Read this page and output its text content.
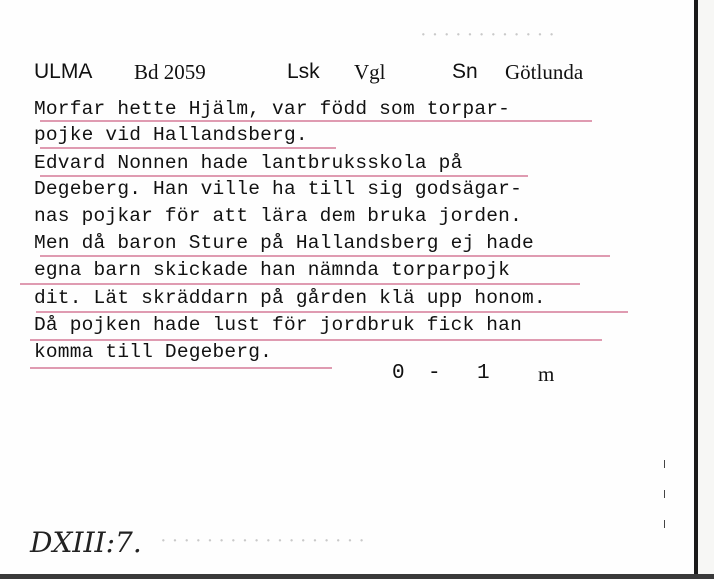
· · · · · · · · · · · ·
· · · · · · · · · · · · · · · · · ·
ULMA Bd 2059	Lsk Vgl	Sn Götlunda
Morfar hette Hjälm, var född som torpar-
pojke vid Hallandsberg.
Edvard Nonnen hade lantbruksskola på
Degeberg. Han ville ha till sig godsägar-
nas pojkar för att lära dem bruka jorden.
Men då baron Sture på Hallandsberg ej hade
egna barn skickade han nämnda torparpojk
dit. Lät skräddarn på gården klä upp honom.
Då pojken hade lust för jordbruk fick han
komma till Degeberg.
0 - 1 m
DXIII:7.
